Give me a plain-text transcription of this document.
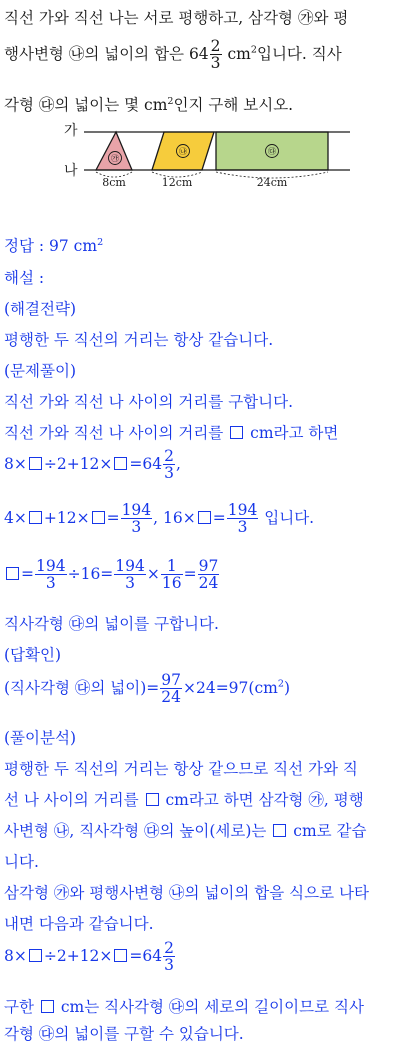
직선 가와 직선 나는 서로 평행하고, 삼각형 ㉮와 평
행사변형 ㉯의 넓이의 합은 $64 \frac{2}{3} cm^2$입니다. 직사
각형 ㉰의 넓이는 몇 $cm^2$인지 구해 보시오.
가
나
㉮
㉯	㉰
8cm	12cm	24cm
정답 : 97 $cm^2$
해설 :
(해결전략)
평행한 두 직선의 거리는 항상 같습니다.
(문제풀이)
직선 가와 직선 나 사이의 거리를 구합니다.
직선 가와 직선 나 사이의 거리를 cm라고 하면
$8\times \div 2+12\times =64 \frac{2}{3}$ ,
$4\times +12\times = \frac{194}{3}$ , $16\times = \frac{194}{3}$ 입니다.
= $\frac{194}{3} \div 16= \frac{194}{3} \times \frac{1}{16} = \frac{97}{24}$
직사각형 ㉰의 넓이를 구합니다.
(답확인)
(직사각형 ㉰의 넓이)= $\frac{97}{24} \times 24=97(cm^2)$
(풀이분석)
평행한 두 직선의 거리는 항상 같으므로 직선 가와 직
선 나 사이의 거리를 cm라고 하면 삼각형 ㉮, 평행
사변형 ㉯, 직사각형 ㉰의 높이(세로)는 cm로 같습
니다.
삼각형 ㉮와 평행사변형 ㉯의 넓이의 합을 식으로 나타
내면 다음과 같습니다.
$8\times \div 2+12\times =64 \frac{2}{3}$
구한 cm는 직사각형 ㉰의 세로의 길이이므로 직사
각형 ㉰의 넓이를 구할 수 있습니다.
